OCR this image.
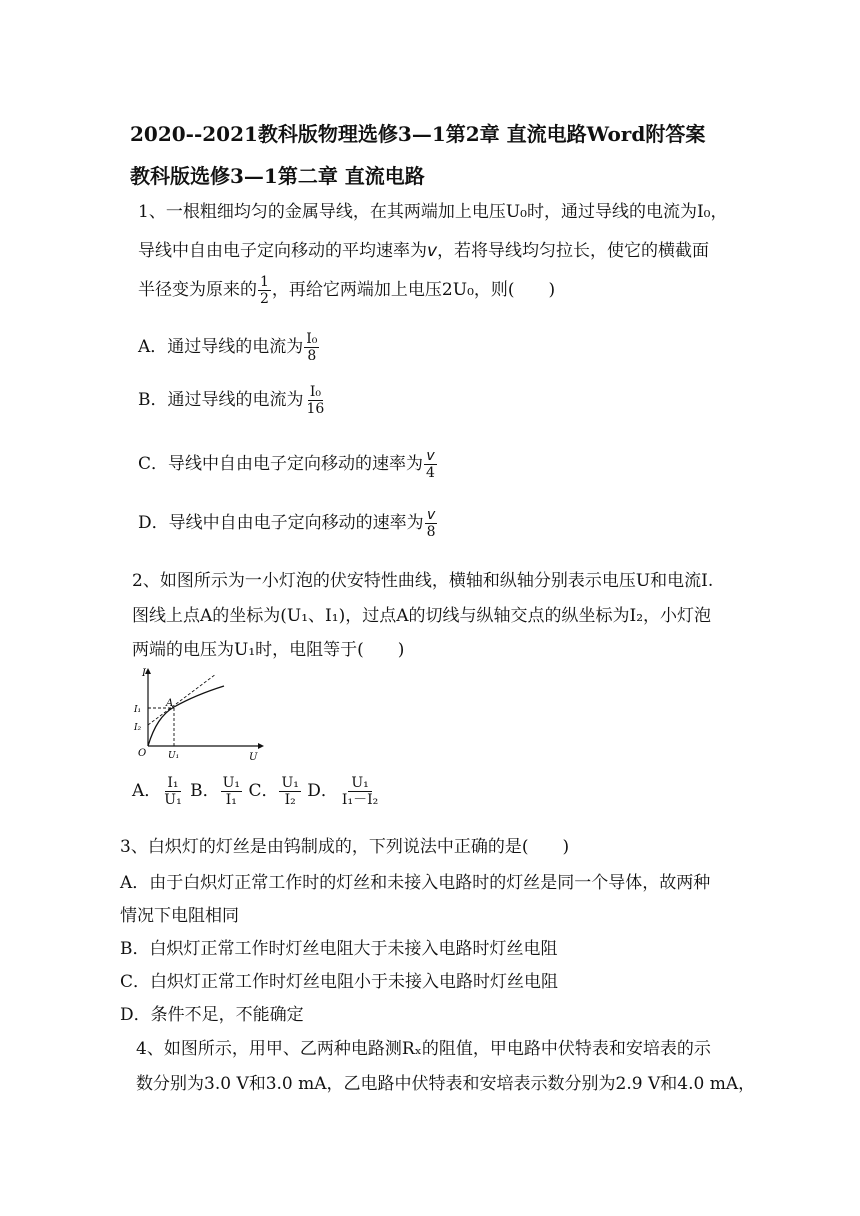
2020--2021教科版物理选修3—1第2章 直流电路Word附答案
教科版选修3—1第二章 直流电路
1、一根粗细均匀的金属导线，在其两端加上电压U₀时，通过导线的电流为I₀，
导线中自由电子定向移动的平均速率为v，若将导线均匀拉长，使它的横截面
半径变为原来的 $\frac{1}{2}$ ，再给它两端加上电压2U₀，则(　　)
A．通过导线的电流为 $\frac{\text{I₀}}{8}$
B．通过导线的电流为 $\frac{\text{I₀}}{16}$
C．导线中自由电子定向移动的速率为 $\frac{v}{4}$
D．导线中自由电子定向移动的速率为 $\frac{v}{8}$
2、如图所示为一小灯泡的伏安特性曲线，横轴和纵轴分别表示电压U和电流I.
图线上点A的坐标为(U₁、I₁)，过点A的切线与纵轴交点的纵坐标为I₂，小灯泡
两端的电压为U₁时，电阻等于(　　)
I
U
O
A
I₁
I₂
U₁
A． $\frac{\text{I₁}}{\text{U₁}}$ B． $\frac{\text{U₁}}{\text{I₁}}$ C． $\frac{\text{U₁}}{\text{I₂}}$ D． $\frac{\text{U₁}}{\text{I₁－I₂}}$
3、白炽灯的灯丝是由钨制成的，下列说法中正确的是(　　)
A．由于白炽灯正常工作时的灯丝和未接入电路时的灯丝是同一个导体，故两种
情况下电阻相同
B．白炽灯正常工作时灯丝电阻大于未接入电路时灯丝电阻
C．白炽灯正常工作时灯丝电阻小于未接入电路时灯丝电阻
D．条件不足，不能确定
4、如图所示，用甲、乙两种电路测Rₓ的阻值，甲电路中伏特表和安培表的示
数分别为3.0 V和3.0 mA，乙电路中伏特表和安培表示数分别为2.9 V和4.0 mA，
